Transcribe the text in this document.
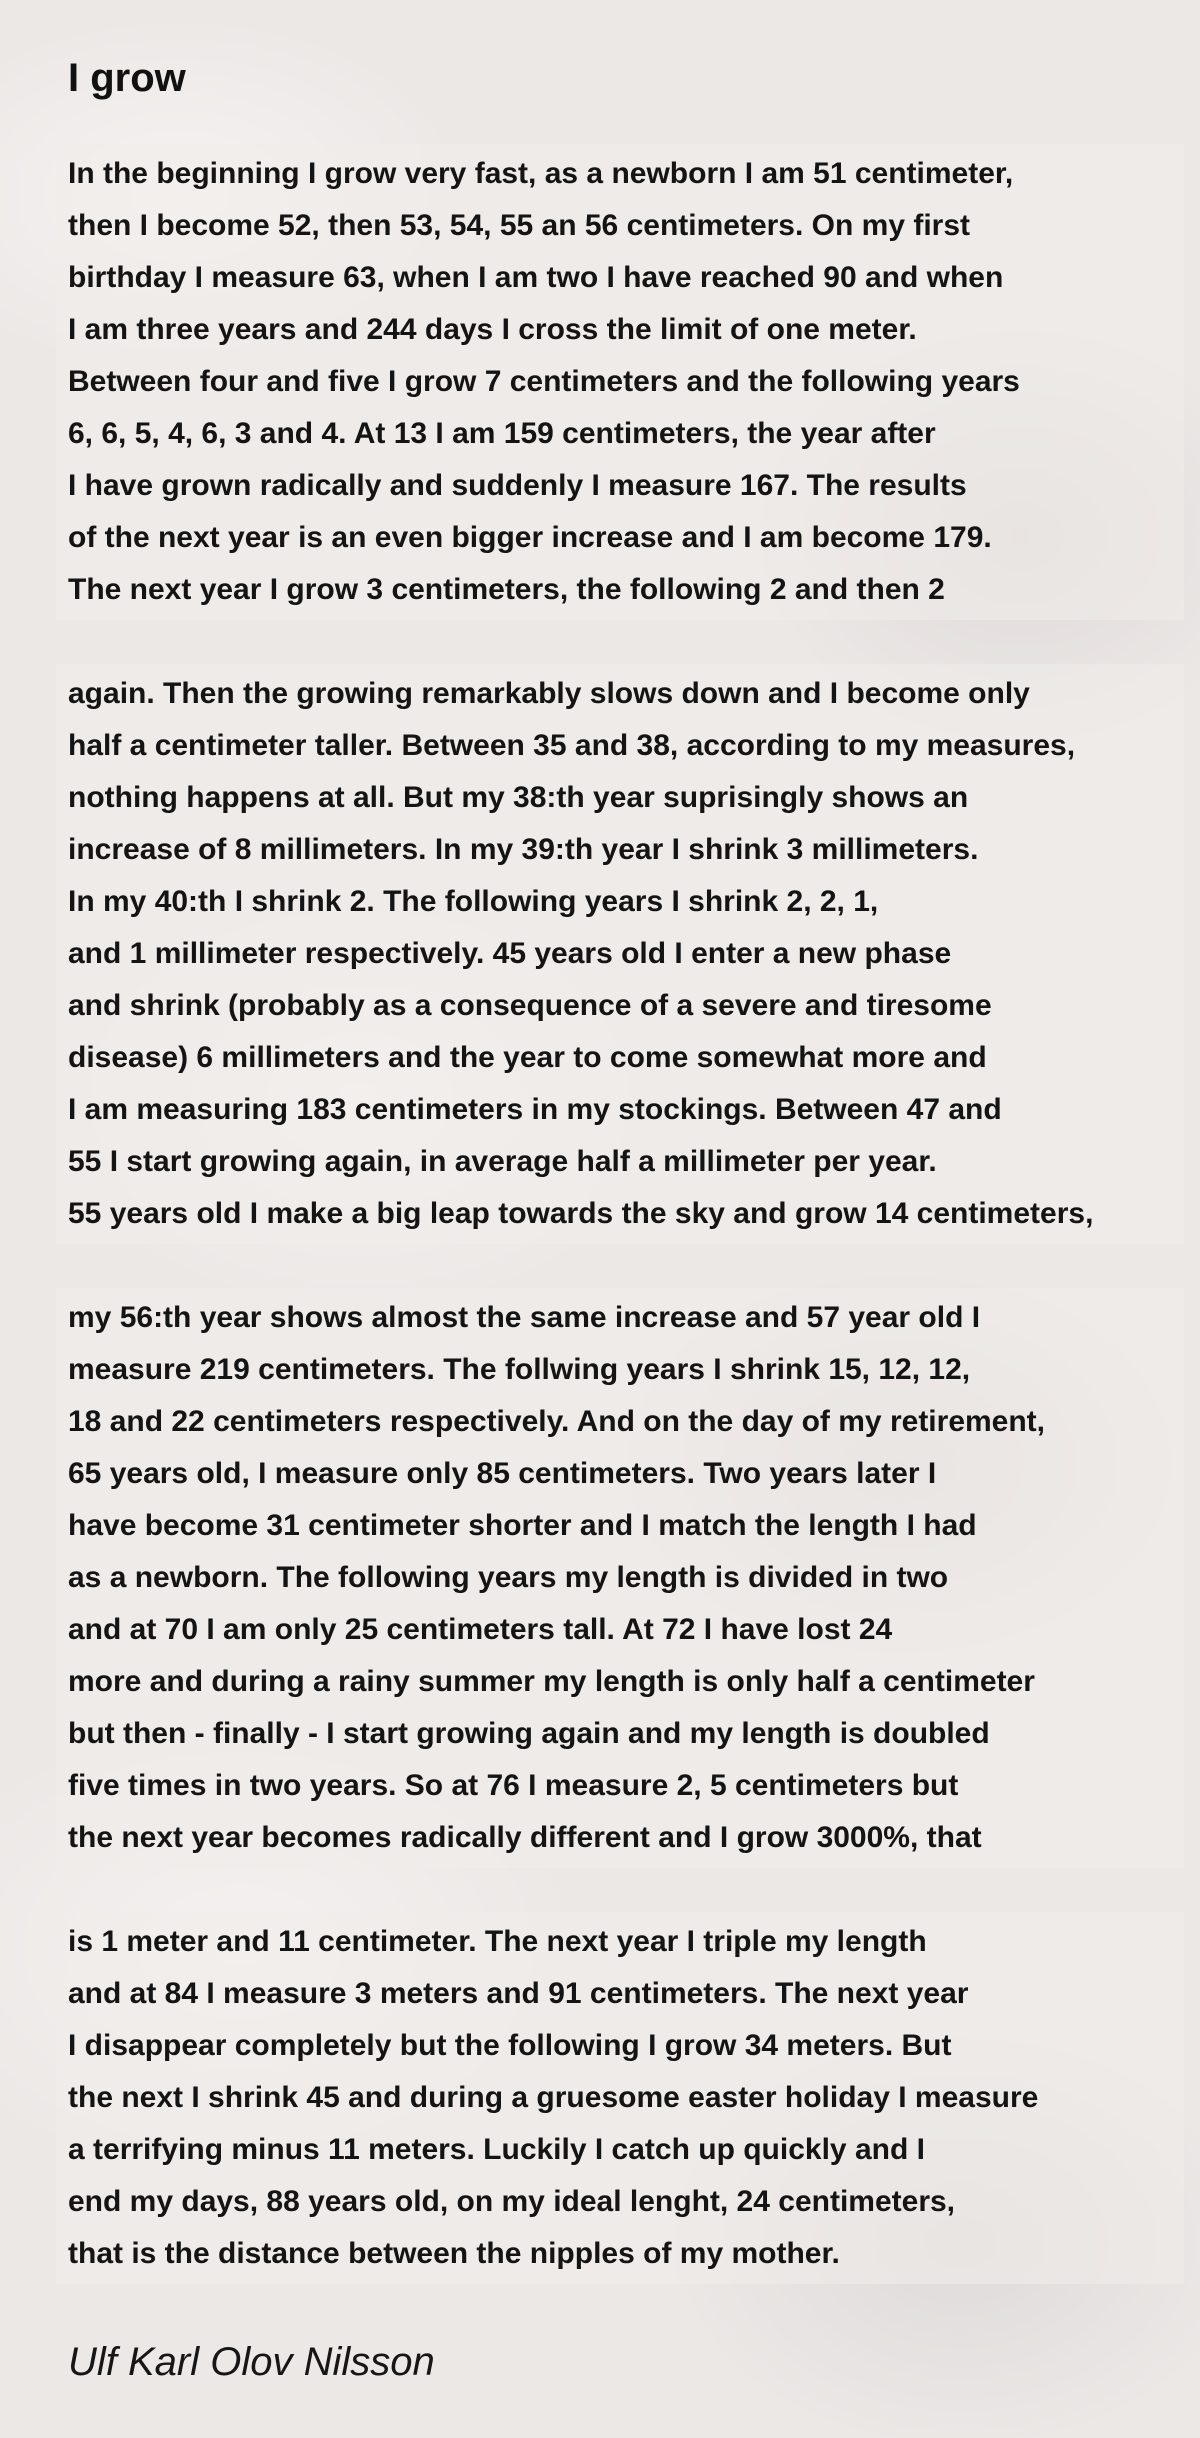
I grow
In the beginning I grow very fast, as a newborn I am 51 centimeter,
then I become 52, then 53, 54, 55 an 56 centimeters. On my first
birthday I measure 63, when I am two I have reached 90 and when
I am three years and 244 days I cross the limit of one meter.
Between four and five I grow 7 centimeters and the following years
6, 6, 5, 4, 6, 3 and 4. At 13 I am 159 centimeters, the year after
I have grown radically and suddenly I measure 167. The results
of the next year is an even bigger increase and I am become 179.
The next year I grow 3 centimeters, the following 2 and then 2
again. Then the growing remarkably slows down and I become only
half a centimeter taller. Between 35 and 38, according to my measures,
nothing happens at all. But my 38:th year suprisingly shows an
increase of 8 millimeters. In my 39:th year I shrink 3 millimeters.
In my 40:th I shrink 2. The following years I shrink 2, 2, 1,
and 1 millimeter respectively. 45 years old I enter a new phase
and shrink (probably as a consequence of a severe and tiresome
disease) 6 millimeters and the year to come somewhat more and
I am measuring 183 centimeters in my stockings. Between 47 and
55 I start growing again, in average half a millimeter per year.
55 years old I make a big leap towards the sky and grow 14 centimeters,
my 56:th year shows almost the same increase and 57 year old I
measure 219 centimeters. The follwing years I shrink 15, 12, 12,
18 and 22 centimeters respectively. And on the day of my retirement,
65 years old, I measure only 85 centimeters. Two years later I
have become 31 centimeter shorter and I match the length I had
as a newborn. The following years my length is divided in two
and at 70 I am only 25 centimeters tall. At 72 I have lost 24
more and during a rainy summer my length is only half a centimeter
but then - finally - I start growing again and my length is doubled
five times in two years. So at 76 I measure 2, 5 centimeters but
the next year becomes radically different and I grow 3000%, that
is 1 meter and 11 centimeter. The next year I triple my length
and at 84 I measure 3 meters and 91 centimeters. The next year
I disappear completely but the following I grow 34 meters. But
the next I shrink 45 and during a gruesome easter holiday I measure
a terrifying minus 11 meters. Luckily I catch up quickly and I
end my days, 88 years old, on my ideal lenght, 24 centimeters,
that is the distance between the nipples of my mother.

Ulf Karl Olov Nilsson
